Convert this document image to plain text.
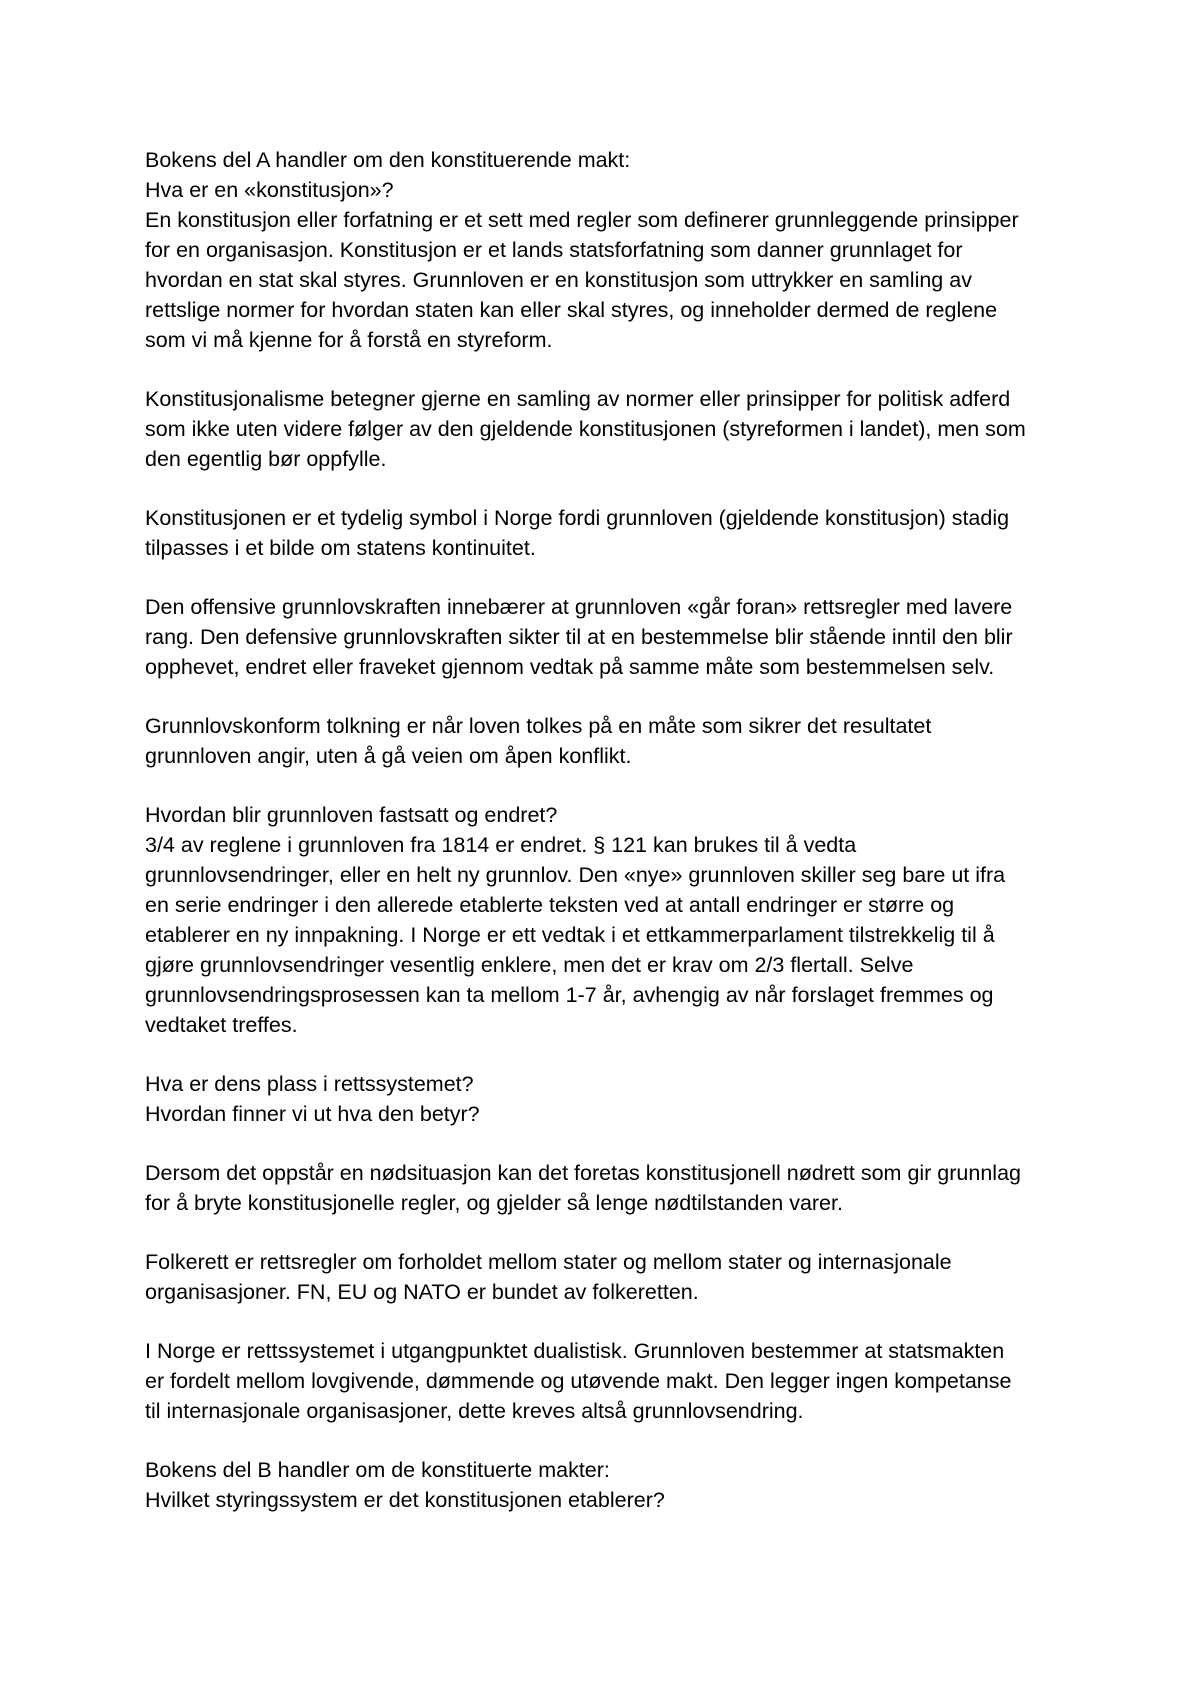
Bokens del A handler om den konstituerende makt:
Hva er en «konstitusjon»?
En konstitusjon eller forfatning er et sett med regler som definerer grunnleggende prinsipper
for en organisasjon. Konstitusjon er et lands statsforfatning som danner grunnlaget for
hvordan en stat skal styres. Grunnloven er en konstitusjon som uttrykker en samling av
rettslige normer for hvordan staten kan eller skal styres, og inneholder dermed de reglene
som vi må kjenne for å forstå en styreform.
Konstitusjonalisme betegner gjerne en samling av normer eller prinsipper for politisk adferd
som ikke uten videre følger av den gjeldende konstitusjonen (styreformen i landet), men som
den egentlig bør oppfylle.
Konstitusjonen er et tydelig symbol i Norge fordi grunnloven (gjeldende konstitusjon) stadig
tilpasses i et bilde om statens kontinuitet.
Den offensive grunnlovskraften innebærer at grunnloven «går foran» rettsregler med lavere
rang. Den defensive grunnlovskraften sikter til at en bestemmelse blir stående inntil den blir
opphevet, endret eller fraveket gjennom vedtak på samme måte som bestemmelsen selv.
Grunnlovskonform tolkning er når loven tolkes på en måte som sikrer det resultatet
grunnloven angir, uten å gå veien om åpen konflikt.
Hvordan blir grunnloven fastsatt og endret?
3/4 av reglene i grunnloven fra 1814 er endret. § 121 kan brukes til å vedta
grunnlovsendringer, eller en helt ny grunnlov. Den «nye» grunnloven skiller seg bare ut ifra
en serie endringer i den allerede etablerte teksten ved at antall endringer er større og
etablerer en ny innpakning. I Norge er ett vedtak i et ettkammerparlament tilstrekkelig til å
gjøre grunnlovsendringer vesentlig enklere, men det er krav om 2/3 flertall. Selve
grunnlovsendringsprosessen kan ta mellom 1-7 år, avhengig av når forslaget fremmes og
vedtaket treffes.
Hva er dens plass i rettssystemet?
Hvordan finner vi ut hva den betyr?
Dersom det oppstår en nødsituasjon kan det foretas konstitusjonell nødrett som gir grunnlag
for å bryte konstitusjonelle regler, og gjelder så lenge nødtilstanden varer.
Folkerett er rettsregler om forholdet mellom stater og mellom stater og internasjonale
organisasjoner. FN, EU og NATO er bundet av folkeretten.
I Norge er rettssystemet i utgangpunktet dualistisk. Grunnloven bestemmer at statsmakten
er fordelt mellom lovgivende, dømmende og utøvende makt. Den legger ingen kompetanse
til internasjonale organisasjoner, dette kreves altså grunnlovsendring.
Bokens del B handler om de konstituerte makter:
Hvilket styringssystem er det konstitusjonen etablerer?
